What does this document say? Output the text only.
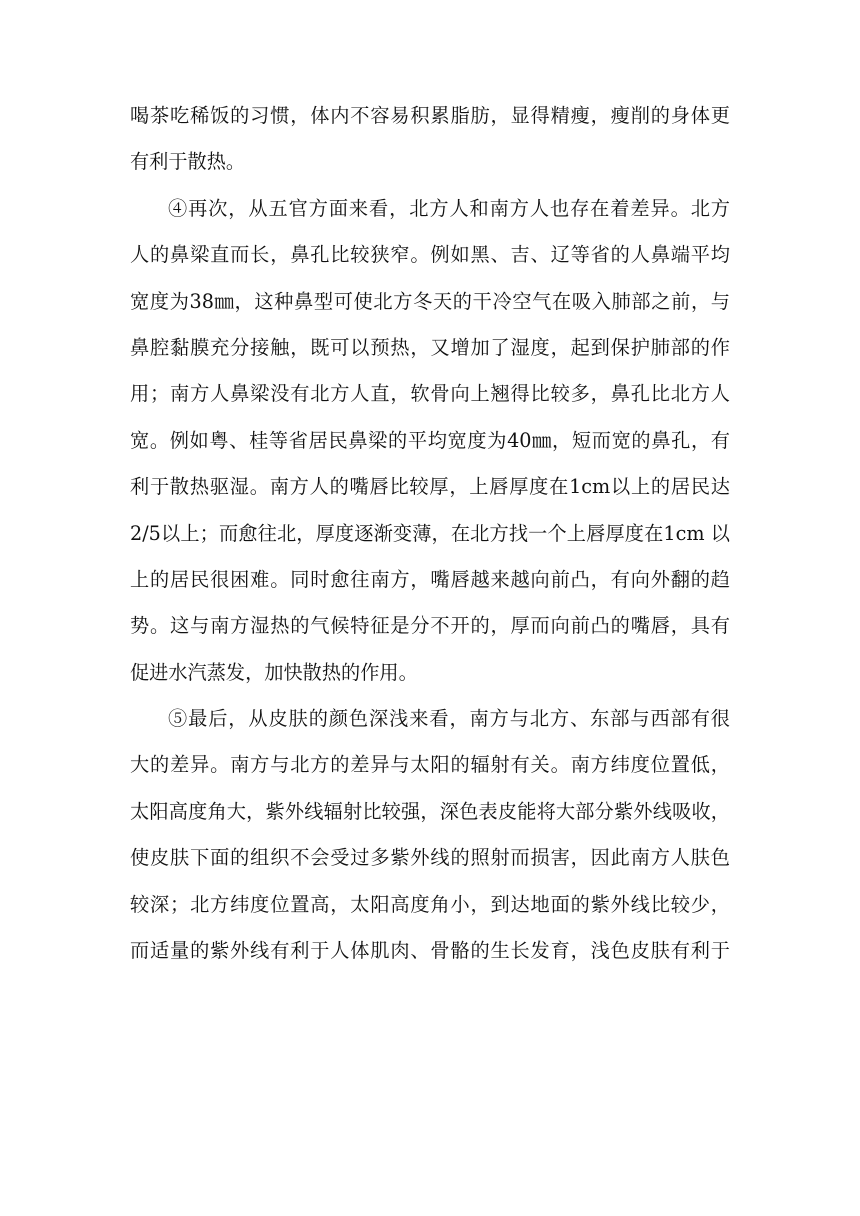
喝茶吃稀饭的习惯，体内不容易积累脂肪，显得精瘦，瘦削的身体更
有利于散热。
④再次，从五官方面来看，北方人和南方人也存在着差异。北方
人的鼻梁直而长，鼻孔比较狭窄。例如黑、吉、辽等省的人鼻端平均
宽度为38㎜，这种鼻型可使北方冬天的干冷空气在吸入肺部之前，与
鼻腔黏膜充分接触，既可以预热，又增加了湿度，起到保护肺部的作
用；南方人鼻梁没有北方人直，软骨向上翘得比较多，鼻孔比北方人
宽。例如粤、桂等省居民鼻梁的平均宽度为40㎜，短而宽的鼻孔，有
利于散热驱湿。南方人的嘴唇比较厚，上唇厚度在1cm以上的居民达
2/5以上；而愈往北，厚度逐渐变薄，在北方找一个上唇厚度在1cm 以
上的居民很困难。同时愈往南方，嘴唇越来越向前凸，有向外翻的趋
势。这与南方湿热的气候特征是分不开的，厚而向前凸的嘴唇，具有
促进水汽蒸发，加快散热的作用。
⑤最后，从皮肤的颜色深浅来看，南方与北方、东部与西部有很
大的差异。南方与北方的差异与太阳的辐射有关。南方纬度位置低，
太阳高度角大，紫外线辐射比较强，深色表皮能将大部分紫外线吸收，
使皮肤下面的组织不会受过多紫外线的照射而损害，因此南方人肤色
较深；北方纬度位置高，太阳高度角小，到达地面的紫外线比较少，
而适量的紫外线有利于人体肌肉、骨骼的生长发育，浅色皮肤有利于
